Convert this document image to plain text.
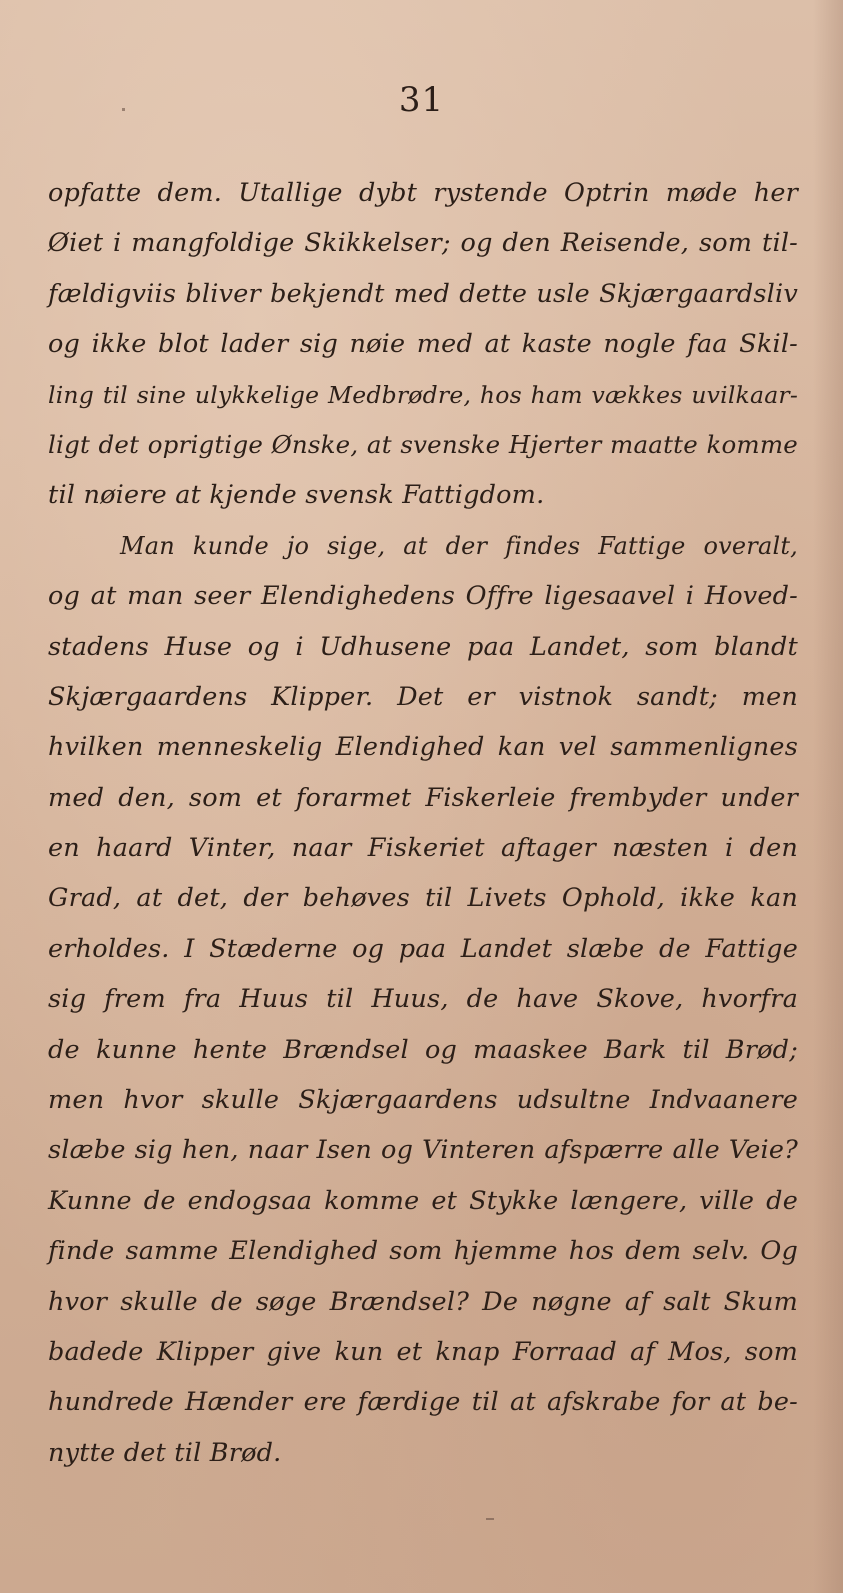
31
opfatte dem. Utallige dybt rystende Optrin møde her
Øiet i mangfoldige Skikkelser; og den Reisende, som til-
fældigviis bliver bekjendt med dette usle Skjærgaardsliv
og ikke blot lader sig nøie med at kaste nogle faa Skil-
ling til sine ulykkelige Medbrødre, hos ham vækkes uvilkaar-
ligt det oprigtige Ønske, at svenske Hjerter maatte komme
til nøiere at kjende svensk Fattigdom.
Man kunde jo sige, at der findes Fattige overalt,
og at man seer Elendighedens Offre ligesaavel i Hoved-
stadens Huse og i Udhusene paa Landet, som blandt
Skjærgaardens Klipper. Det er vistnok sandt; men
hvilken menneskelig Elendighed kan vel sammenlignes
med den, som et forarmet Fiskerleie frembyder under
en haard Vinter, naar Fiskeriet aftager næsten i den
Grad, at det, der behøves til Livets Ophold, ikke kan
erholdes. I Stæderne og paa Landet slæbe de Fattige
sig frem fra Huus til Huus, de have Skove, hvorfra
de kunne hente Brændsel og maaskee Bark til Brød;
men hvor skulle Skjærgaardens udsultne Indvaanere
slæbe sig hen, naar Isen og Vinteren afspærre alle Veie?
Kunne de endogsaa komme et Stykke længere, ville de
finde samme Elendighed som hjemme hos dem selv. Og
hvor skulle de søge Brændsel? De nøgne af salt Skum
badede Klipper give kun et knap Forraad af Mos, som
hundrede Hænder ere færdige til at afskrabe for at be-
nytte det til Brød.
